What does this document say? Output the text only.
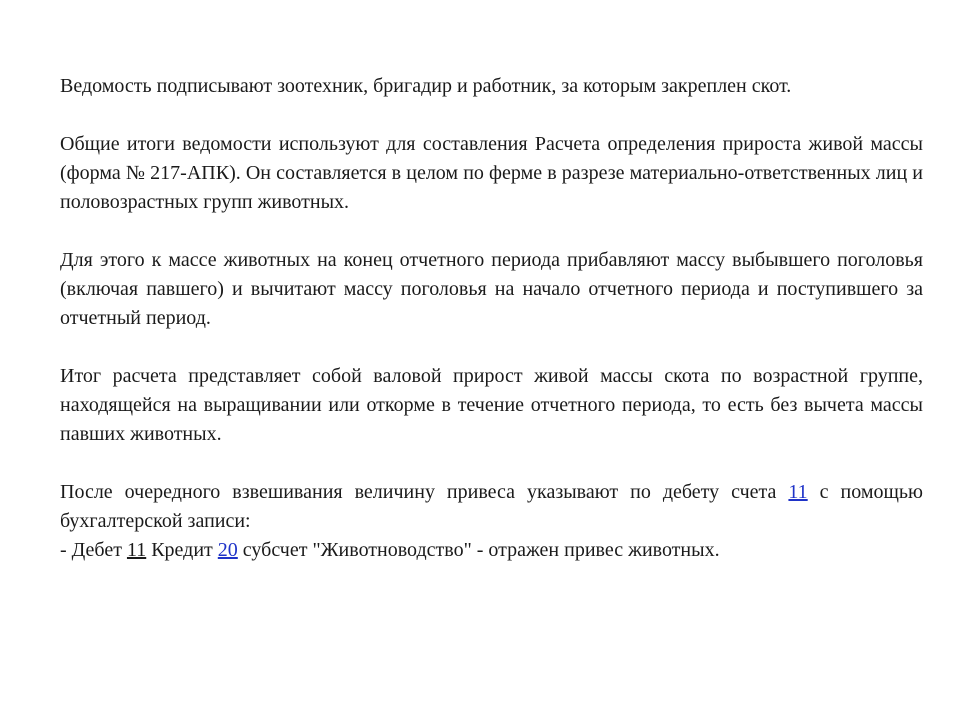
Ведомость подписывают зоотехник, бригадир и работник, за которым закреплен скот.

Общие итоги ведомости используют для составления Расчета определения прироста живой массы (форма № 217-АПК). Он составляется в целом по ферме в разрезе материально-ответственных лиц и половозрастных групп животных.

Для этого к массе животных на конец отчетного периода прибавляют массу выбывшего поголовья (включая павшего) и вычитают массу поголовья на начало отчетного периода и поступившего за отчетный период.

Итог расчета представляет собой валовой прирост живой массы скота по возрастной группе, находящейся на выращивании или откорме в течение отчетного периода, то есть без вычета массы павших животных.

После очередного взвешивания величину привеса указывают по дебету счета 11 с помощью бухгалтерской записи:
- Дебет 11 Кредит 20 субсчет "Животноводство" - отражен привес животных.
